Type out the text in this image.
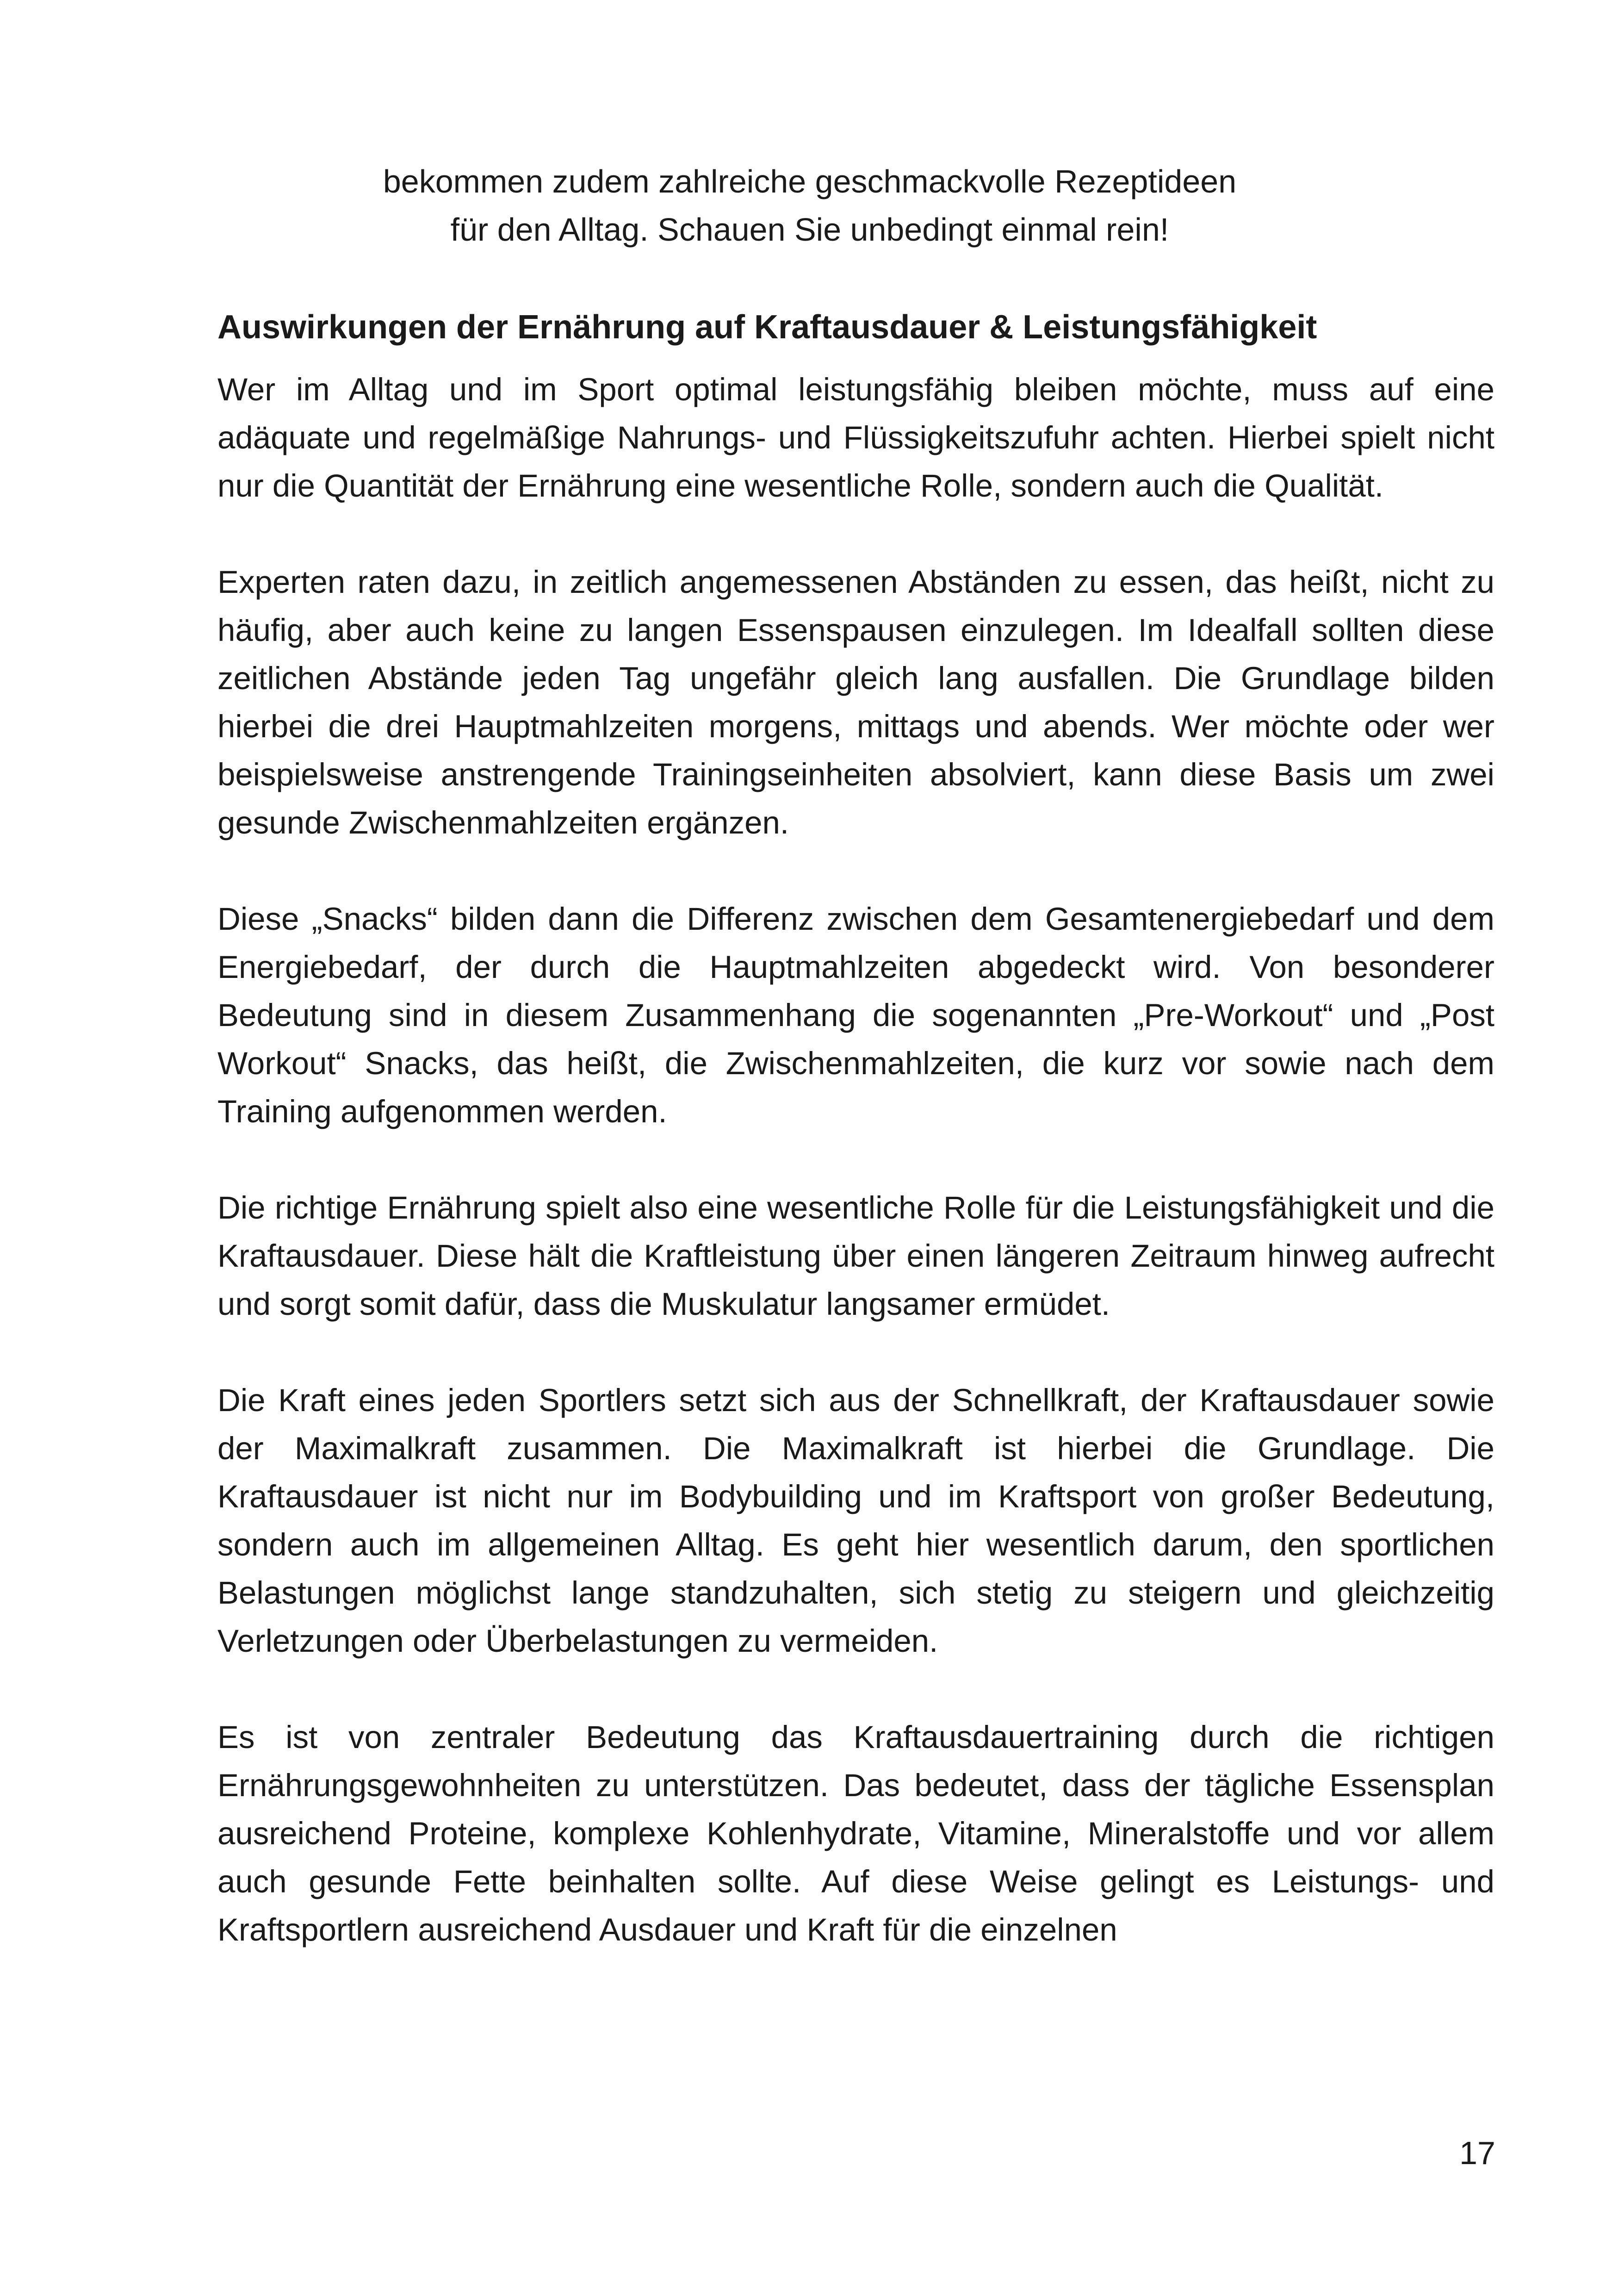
bekommen zudem zahlreiche geschmackvolle Rezeptideen
für den Alltag. Schauen Sie unbedingt einmal rein!

Auswirkungen der Ernährung auf Kraftausdauer & Leistungsfähigkeit

Wer im Alltag und im Sport optimal leistungsfähig bleiben möchte, muss auf eine adäquate und regelmäßige Nahrungs- und Flüssigkeitszufuhr achten. Hierbei spielt nicht nur die Quantität der Ernährung eine wesentliche Rolle, sondern auch die Qualität.

Experten raten dazu, in zeitlich angemessenen Abständen zu essen, das heißt, nicht zu häufig, aber auch keine zu langen Essenspausen einzulegen. Im Idealfall sollten diese zeitlichen Abstände jeden Tag ungefähr gleich lang ausfallen. Die Grundlage bilden hierbei die drei Hauptmahlzeiten morgens, mittags und abends. Wer möchte oder wer beispielsweise anstrengende Trainingseinheiten absolviert, kann diese Basis um zwei gesunde Zwischenmahlzeiten ergänzen.

Diese „Snacks“ bilden dann die Differenz zwischen dem Gesamtenergiebedarf und dem Energiebedarf, der durch die Hauptmahlzeiten abgedeckt wird. Von besonderer Bedeutung sind in diesem Zusammenhang die sogenannten „Pre-Workout“ und „Post Workout“ Snacks, das heißt, die Zwischenmahlzeiten, die kurz vor sowie nach dem Training aufgenommen werden.

Die richtige Ernährung spielt also eine wesentliche Rolle für die Leistungsfähigkeit und die Kraftausdauer. Diese hält die Kraftleistung über einen längeren Zeitraum hinweg aufrecht und sorgt somit dafür, dass die Muskulatur langsamer ermüdet.

Die Kraft eines jeden Sportlers setzt sich aus der Schnellkraft, der Kraftausdauer sowie der Maximalkraft zusammen. Die Maximalkraft ist hierbei die Grundlage. Die Kraftausdauer ist nicht nur im Bodybuilding und im Kraftsport von großer Bedeutung, sondern auch im allgemeinen Alltag. Es geht hier wesentlich darum, den sportlichen Belastungen möglichst lange standzuhalten, sich stetig zu steigern und gleichzeitig Verletzungen oder Überbelastungen zu vermeiden.

Es ist von zentraler Bedeutung das Kraftausdauertraining durch die richtigen Ernährungsgewohnheiten zu unterstützen. Das bedeutet, dass der tägliche Essensplan ausreichend Proteine, komplexe Kohlenhydrate, Vitamine, Mineralstoffe und vor allem auch gesunde Fette beinhalten sollte. Auf diese Weise gelingt es Leistungs- und Kraftsportlern ausreichend Ausdauer und Kraft für die einzelnen

17
